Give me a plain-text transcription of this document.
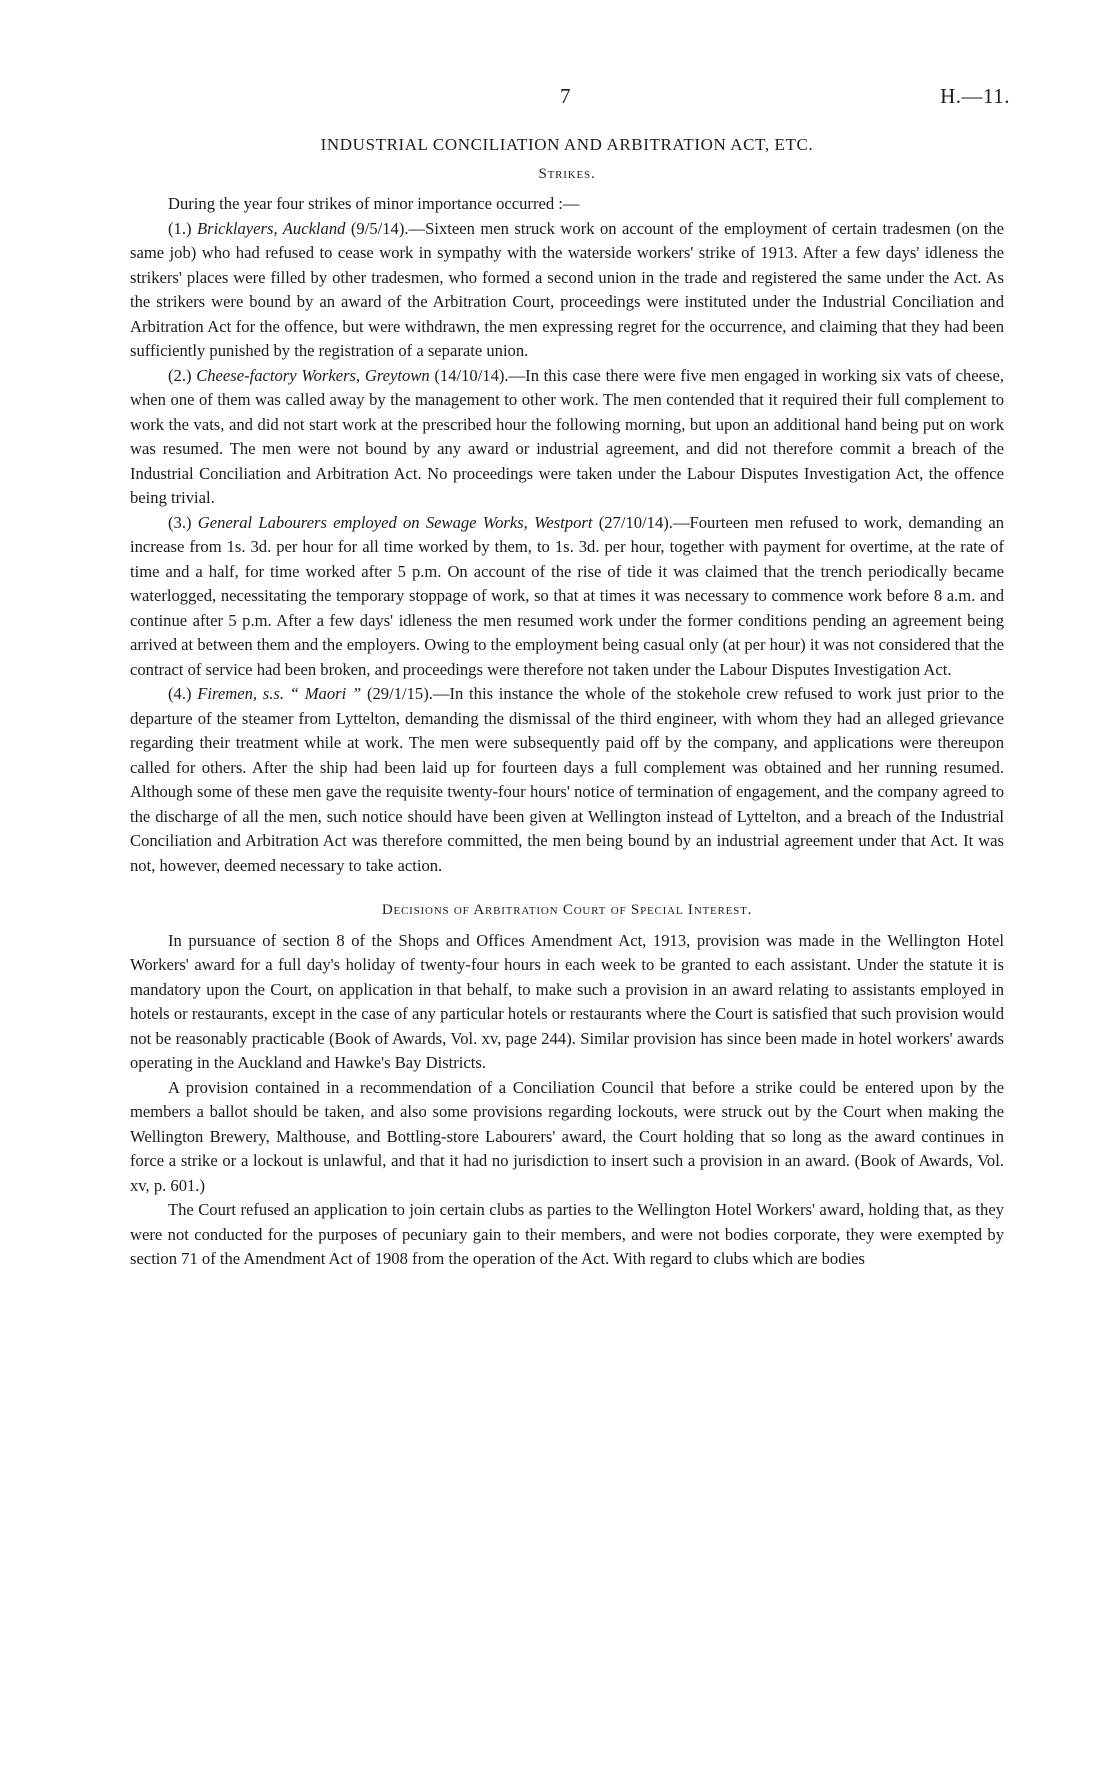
7	H.—11.
INDUSTRIAL CONCILIATION AND ARBITRATION ACT, ETC.
Strikes.

During the year four strikes of minor importance occurred :—

(1.) Bricklayers, Auckland (9/5/14).—Sixteen men struck work on account of the employment of certain tradesmen (on the same job) who had refused to cease work in sympathy with the waterside workers' strike of 1913. After a few days' idleness the strikers' places were filled by other tradesmen, who formed a second union in the trade and registered the same under the Act. As the strikers were bound by an award of the Arbitration Court, proceedings were instituted under the Industrial Conciliation and Arbitration Act for the offence, but were withdrawn, the men expressing regret for the occurrence, and claiming that they had been sufficiently punished by the registration of a separate union.

(2.) Cheese-factory Workers, Greytown (14/10/14).—In this case there were five men engaged in working six vats of cheese, when one of them was called away by the management to other work. The men contended that it required their full complement to work the vats, and did not start work at the prescribed hour the following morning, but upon an additional hand being put on work was resumed. The men were not bound by any award or industrial agreement, and did not therefore commit a breach of the Industrial Conciliation and Arbitration Act. No proceedings were taken under the Labour Disputes Investigation Act, the offence being trivial.

(3.) General Labourers employed on Sewage Works, Westport (27/10/14).—Fourteen men refused to work, demanding an increase from 1s. 3d. per hour for all time worked by them, to 1s. 3d. per hour, together with payment for overtime, at the rate of time and a half, for time worked after 5 p.m. On account of the rise of tide it was claimed that the trench periodically became waterlogged, necessitating the temporary stoppage of work, so that at times it was necessary to commence work before 8 a.m. and continue after 5 p.m. After a few days' idleness the men resumed work under the former conditions pending an agreement being arrived at between them and the employers. Owing to the employment being casual only (at per hour) it was not considered that the contract of service had been broken, and proceedings were therefore not taken under the Labour Disputes Investigation Act.

(4.) Firemen, s.s. “ Maori ” (29/1/15).—In this instance the whole of the stokehole crew refused to work just prior to the departure of the steamer from Lyttelton, demanding the dismissal of the third engineer, with whom they had an alleged grievance regarding their treatment while at work. The men were subsequently paid off by the company, and applications were thereupon called for others. After the ship had been laid up for fourteen days a full complement was obtained and her running resumed. Although some of these men gave the requisite twenty-four hours' notice of termination of engagement, and the company agreed to the discharge of all the men, such notice should have been given at Wellington instead of Lyttelton, and a breach of the Industrial Conciliation and Arbitration Act was therefore committed, the men being bound by an industrial agreement under that Act. It was not, however, deemed necessary to take action.

Decisions of Arbitration Court of Special Interest.

In pursuance of section 8 of the Shops and Offices Amendment Act, 1913, provision was made in the Wellington Hotel Workers' award for a full day's holiday of twenty-four hours in each week to be granted to each assistant. Under the statute it is mandatory upon the Court, on application in that behalf, to make such a provision in an award relating to assistants employed in hotels or restaurants, except in the case of any particular hotels or restaurants where the Court is satisfied that such provision would not be reasonably practicable (Book of Awards, Vol. xv, page 244). Similar provision has since been made in hotel workers' awards operating in the Auckland and Hawke's Bay Districts.

A provision contained in a recommendation of a Conciliation Council that before a strike could be entered upon by the members a ballot should be taken, and also some provisions regarding lockouts, were struck out by the Court when making the Wellington Brewery, Malthouse, and Bottling-store Labourers' award, the Court holding that so long as the award continues in force a strike or a lockout is unlawful, and that it had no jurisdiction to insert such a provision in an award. (Book of Awards, Vol. xv, p. 601.)

The Court refused an application to join certain clubs as parties to the Wellington Hotel Workers' award, holding that, as they were not conducted for the purposes of pecuniary gain to their members, and were not bodies corporate, they were exempted by section 71 of the Amendment Act of 1908 from the operation of the Act. With regard to clubs which are bodies
